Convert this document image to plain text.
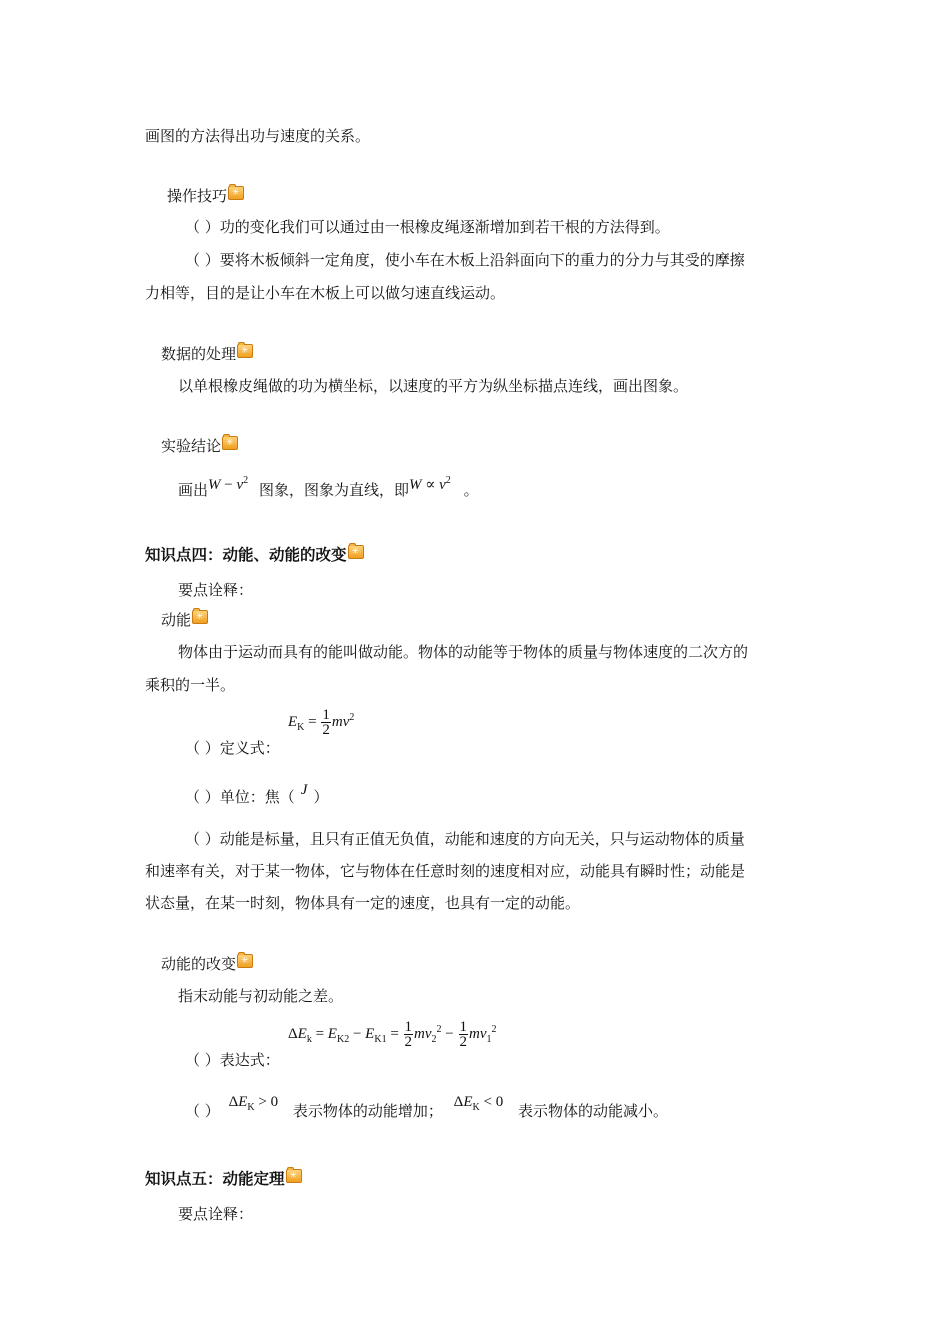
画图的方法得出功与速度的关系。
操作技巧✳
（ ）功的变化我们可以通过由一根橡皮绳逐渐增加到若干根的方法得到。
（ ）要将木板倾斜一定角度，使小车在木板上沿斜面向下的重力的分力与其受的摩擦
力相等，目的是让小车在木板上可以做匀速直线运动。
数据的处理✳
以单根橡皮绳做的功为横坐标，以速度的平方为纵坐标描点连线，画出图象。
实验结论✳
画出$W - v^2$ 图象，图象为直线，即$W \propto v^2$ 。
知识点四：动能、动能的改变✳
要点诠释：
动能✳
物体由于运动而具有的能叫做动能。物体的动能等于物体的质量与物体速度的二次方的
乘积的一半。
$E_K = \frac{1}{2} mv^2$
（ ）定义式：
（ ）单位：焦（ J ）
（ ）动能是标量，且只有正值无负值，动能和速度的方向无关，只与运动物体的质量
和速率有关，对于某一物体，它与物体在任意时刻的速度相对应，动能具有瞬时性；动能是
状态量，在某一时刻，物体具有一定的速度，也具有一定的动能。
动能的改变✳
指末动能与初动能之差。
$\Delta E_k = E_{K2} - E_{K1} = \frac{1}{2} mv_2^2 - \frac{1}{2} mv_1^2$
（ ）表达式：
（ ） $\Delta E_K > 0$ 表示物体的动能增加； $\Delta E_K < 0$ 表示物体的动能减小。
知识点五：动能定理✳
要点诠释：
